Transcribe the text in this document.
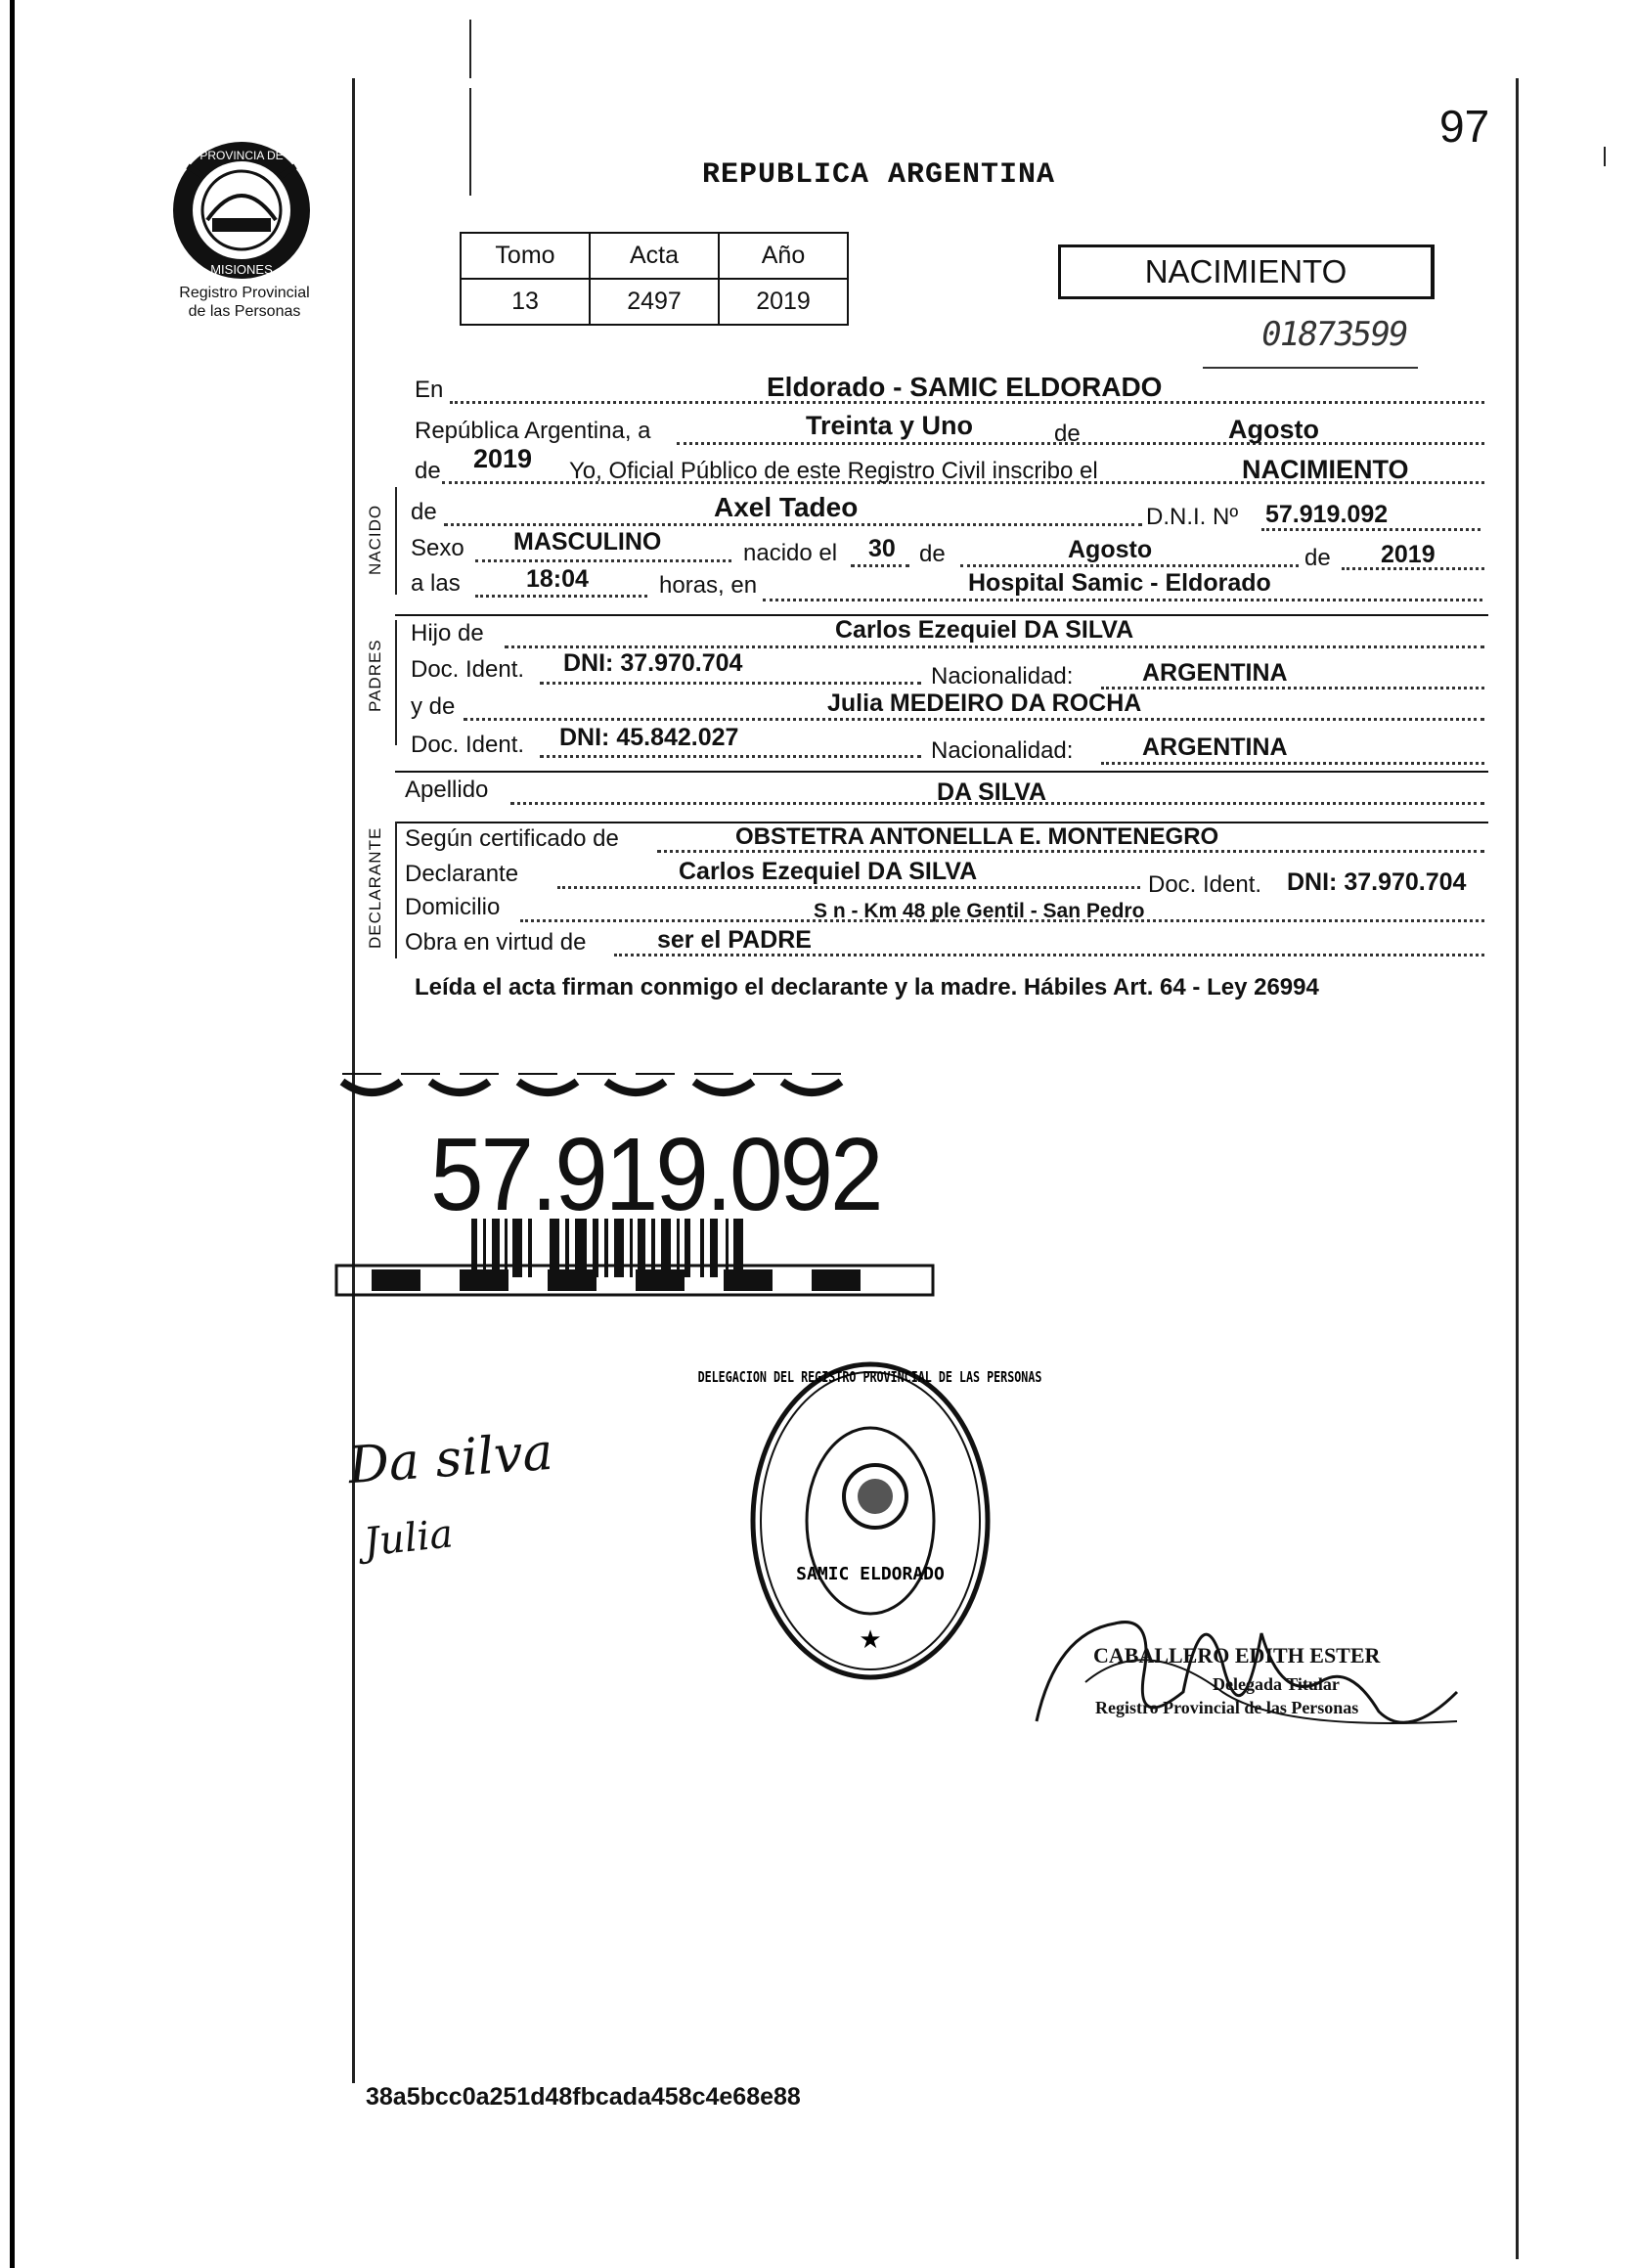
97
PROVINCIA DE
MISIONES
Registro Provincial
de las Personas
REPUBLICA ARGENTINA
Tomo	Acta	Año
13	2497	2019
NACIMIENTO
01873599
En	Eldorado - SAMIC ELDORADO
República Argentina, a	Treinta y Uno	de	Agosto
de 2019 Yo, Oficial Público de este Registro Civil inscribo el	NACIMIENTO
NACIDO de	Axel Tadeo	D.N.I. Nº 57.919.092
Sexo MASCULINO	nacido el 30 de	Agosto	de 2019
a las	18:04	horas, en	Hospital Samic - Eldorado
PADRES
Hijo de	Carlos Ezequiel DA SILVA
Doc. Ident. DNI: 37.970.704	Nacionalidad:	ARGENTINA
y de	Julia MEDEIRO DA ROCHA
Doc. Ident. DNI: 45.842.027	Nacionalidad:	ARGENTINA
Apellido	DA SILVA
DECLARANTE Según certificado de	OBSTETRA ANTONELLA E. MONTENEGRO
Declarante	Carlos Ezequiel DA SILVA	Doc. Ident. DNI: 37.970.704
Domicilio	S n - Km 48 ple Gentil - San Pedro
Obra en virtud de	ser el PADRE
Leída el acta firman conmigo el declarante y la madre. Hábiles Art. 64 - Ley 26994
57.919.092
Da silva
Julia
★
DELEGACION DEL REGISTRO PROVINCIAL DE LAS PERSONAS
SAMIC ELDORADO
CABALLERO EDITH ESTER
Delegada Titular
Registro Provincial de las Personas
38a5bcc0a251d48fbcada458c4e68e88
